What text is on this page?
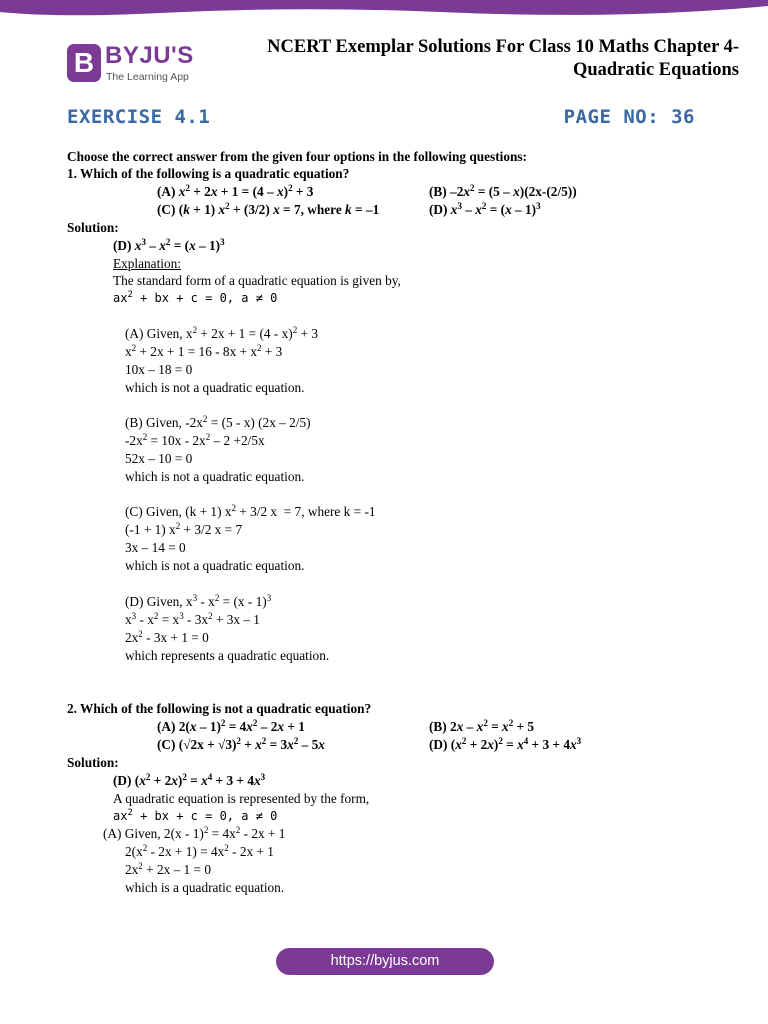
B BYJU'S
The Learning App
NCERT Exemplar Solutions For Class 10 Maths Chapter 4-
Quadratic Equations
EXERCISE 4.1	PAGE NO: 36
Choose the correct answer from the given four options in the following questions:
1. Which of the following is a quadratic equation?
(A) $x^2 + 2x + 1 = (4 - x)^2 + 3$	(B) $-2x^2 = (5 - x)(2x-(2/5))$
(C) (k + 1) $x^2 + (3/2) x = 7$, where k = –1	(D) $x^3 - x^2 = (x - 1)^3$
Solution:
(D) $x^3 - x^2 = (x - 1)^3$
Explanation:
The standard form of a quadratic equation is given by,
$ax^2$ + bx + c = 0, a ≠ 0
(A) Given, $x^2 + 2x + 1 = (4 - x)^2 + 3$
$x^2 + 2x + 1 = 16 - 8x + x^2 + 3$
10x – 18 = 0
which is not a quadratic equation.
(B) Given, $-2x^2 = (5 - x)$ (2x – 2/5)
$-2x^2 = 10x - 2x^2 - 2 +2/5x$
52x – 10 = 0
which is not a quadratic equation.
(C) Given, (k + 1) $x^2 + 3/2$ x  = 7, where k = -1
(-1 + 1) $x^2 + 3/2$ x = 7
3x – 14 = 0
which is not a quadratic equation.
(D) Given, $x^3 - x^2 = (x - 1)^3$
$x^3 - x^2 = x^3 - 3x^2 + 3x - 1$
$2x^2 - 3x + 1 = 0$
which represents a quadratic equation.
2. Which of the following is not a quadratic equation?
(A) $2(x - 1)^2 = 4x^2 - 2x + 1$	(B) $2x - x^2 = x^2 + 5$
(C) $(√2x + √3)^2 + x^2 = 3x^2 - 5x$	(D) $(x^2 + 2x)^2 = x^4 + 3 + 4x^3$
Solution:
(D) $(x^2 + 2x)^2 = x^4 + 3 + 4x^3$
A quadratic equation is represented by the form,
$ax^2$ + bx + c = 0, a ≠ 0
(A) Given, $2(x - 1)^2 = 4x^2 - 2x + 1$
$2(x^2 - 2x + 1) = 4x^2 - 2x + 1$
$2x^2 + 2x - 1 = 0$
which is a quadratic equation.
https://byjus.com
